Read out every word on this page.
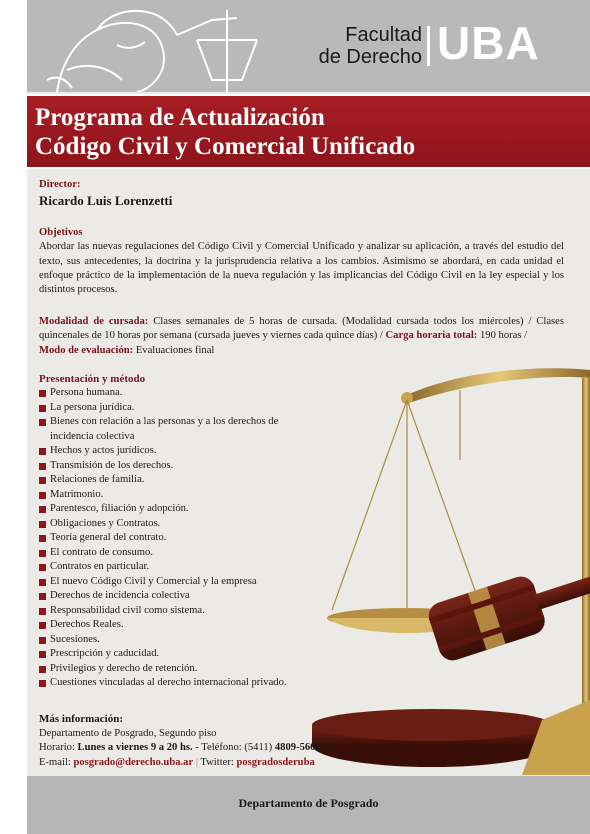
Facultad
de Derecho UBA
Programa de Actualización
Código Civil y Comercial Unificado
Director:
Ricardo Luis Lorenzetti
Objetivos
Abordar las nuevas regulaciones del Código Civil y Comercial Unificado y analizar su aplicación, a través del estudio del texto, sus antecedentes, la doctrina y la jurisprudencia relativa a los cambios. Asimismo se abordará, en cada unidad el enfoque práctico de la implementación de la nueva regulación y las implicancias del Código Civil en la ley especial y los distintos procesos.
Modalidad de cursada: Clases semanales de 5 horas de cursada. (Modalidad cursada todos los miércoles) / Clases quincenales de 10 horas por semana (cursada jueves y viernes cada quince días) / Carga horaria total: 190 horas /
Modo de evaluación: Evaluaciones final
Presentación y método
Persona humana.
La persona jurídica.
Bienes con relación a las personas y a los derechos de incidencia colectiva
Hechos y actos jurídicos.
Transmisión de los derechos.
Relaciones de familia.
Matrimonio.
Parentesco, filiación y adopción.
Obligaciones y Contratos.
Teoría general del contrato.
El contrato de consumo.
Contratos en particular.
El nuevo Código Civil y Comercial y la empresa
Derechos de incidencia colectiva
Responsabilidad civil como sistema.
Derechos Reales.
Sucesiones.
Prescripción y caducidad.
Privilegios y derecho de retención.
Cuestiones vinculadas al derecho internacional privado.
Más información:
Departamento de Posgrado, Segundo piso
Horario: Lunes a viernes 9 a 20 hs. - Teléfono: (5411) 4809-5606/07
E-mail: posgrado@derecho.uba.ar | Twitter: posgradosderuba
Departamento de Posgrado
